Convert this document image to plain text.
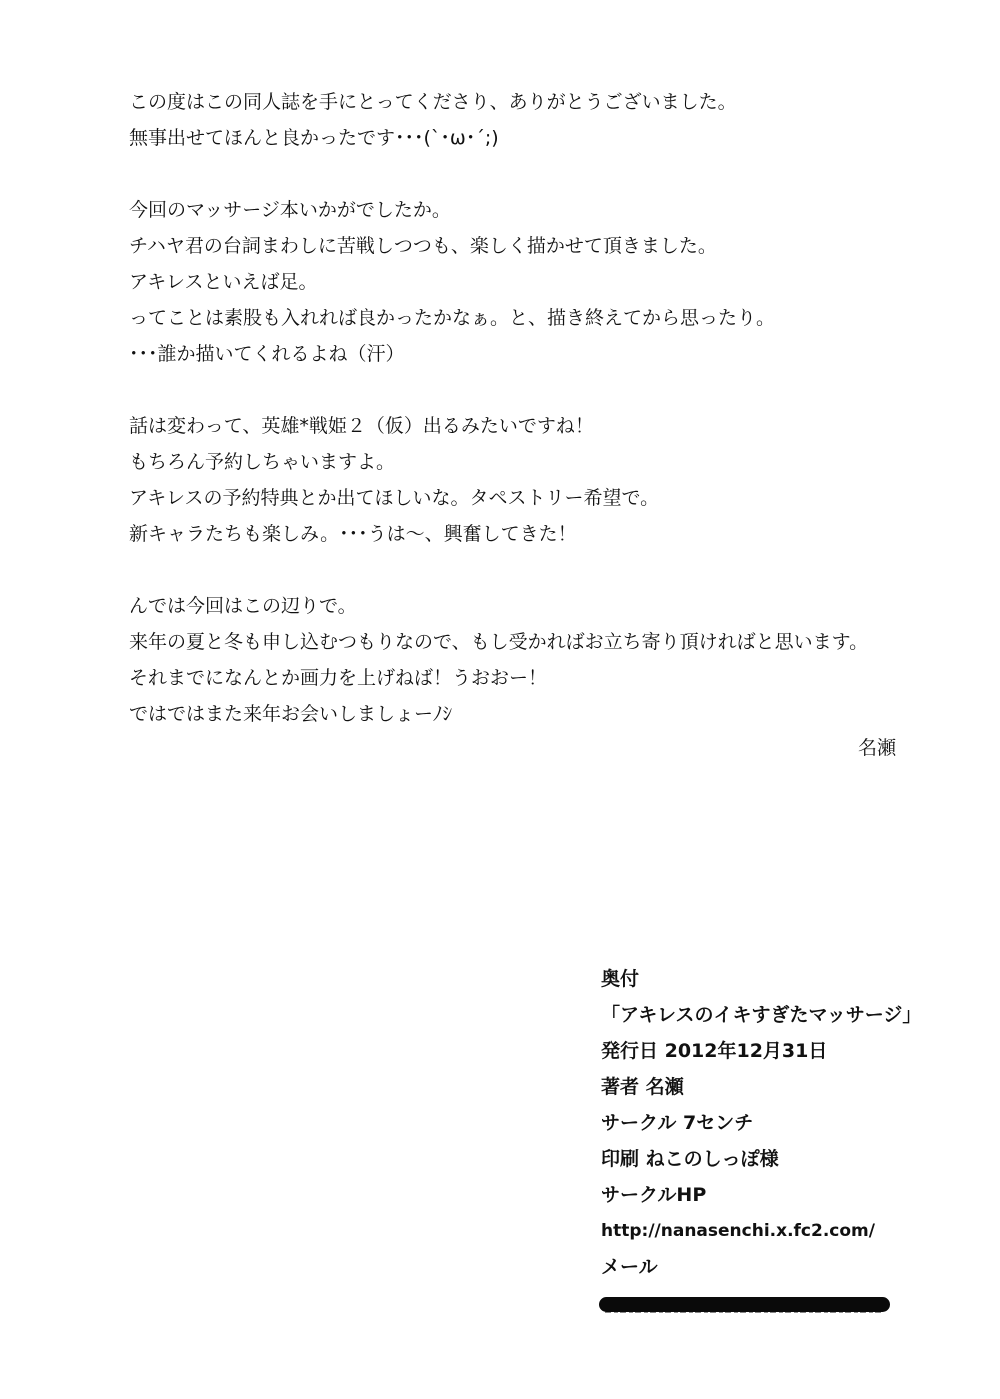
この度はこの同人誌を手にとってくださり、ありがとうございました。
無事出せてほんと良かったです･･･(`･ω･´;)
今回のマッサージ本いかがでしたか。
チハヤ君の台詞まわしに苦戦しつつも、楽しく描かせて頂きました。
アキレスといえば足。
ってことは素股も入れれば良かったかなぁ。と、描き終えてから思ったり。
･･･誰か描いてくれるよね（汗）
話は変わって、英雄*戦姫２（仮）出るみたいですね！
もちろん予約しちゃいますよ。
アキレスの予約特典とか出てほしいな。タペストリー希望で。
新キャラたちも楽しみ。･･･うは～、興奮してきた！
んでは今回はこの辺りで。
来年の夏と冬も申し込むつもりなので、もし受かればお立ち寄り頂ければと思います。
それまでになんとか画力を上げねば！うおおー！
ではではまた来年お会いしましょーﾉｼ
名瀬
奥付
「アキレスのイキすぎたマッサージ」
発行日 2012年12月31日
著者 名瀬
サークル 7センチ
印刷 ねこのしっぽ様
サークルHP
http://nanasenchi.x.fc2.com/
メール
